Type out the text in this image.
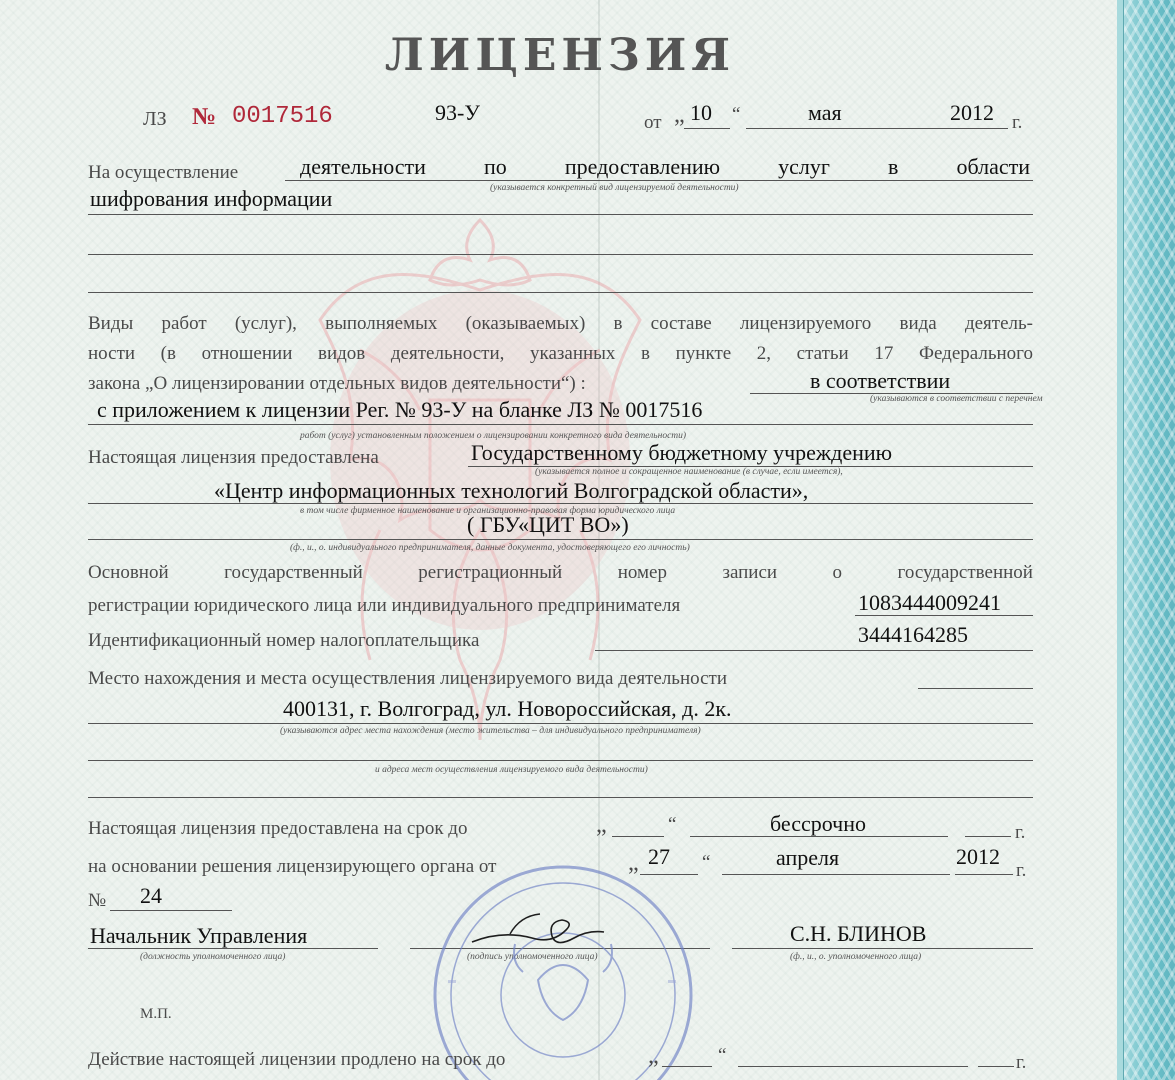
ЛИЦЕНЗИЯ
ЛЗ № 0017516	93-У	от „ 10 “	мая	2012 г.
На осуществление	деятельности	по	предоставлению	услуг	в	области
(указывается конкретный вид лицензируемой деятельности)
шифрования информации
Виды работ (услуг), выполняемых (оказываемых) в составе лицензируемого вида деятель-
ности (в отношении видов деятельности, указанных в пункте 2, статьи 17 Федерального
закона „О лицензировании отдельных видов деятельности“) :	в соответствии
(указываются в соответствии с перечнем
с приложением к лицензии Рег. № 93-У на бланке ЛЗ № 0017516
работ (услуг) установленным положением о лицензировании конкретного вида деятельности)
Настоящая лицензия предоставлена	Государственному бюджетному учреждению
(указывается полное и сокращенное наименование (в случае, если имеется),
«Центр информационных технологий Волгоградской области»,
в том числе фирменное наименование и организационно-правовая форма юридического лица
( ГБУ«ЦИТ ВО»)
(ф., и., о. индивидуального предпринимателя, данные документа, удостоверяющего его личность)
Основной	государственный	регистрационный	номер	записи	о	государственной
регистрации юридического лица или индивидуального предпринимателя	1083444009241
Идентификационный номер налогоплательщика	3444164285
Место нахождения и места осуществления лицензируемого вида деятельности
400131, г. Волгоград, ул. Новороссийская, д. 2к.
(указываются адрес места нахождения (место жительства – для индивидуального предпринимателя)
и адреса мест осуществления лицензируемого вида деятельности)
Настоящая лицензия предоставлена на срок до	„	“	бессрочно	г.
на основании решения лицензирующего органа от	„ 27 “	апреля	2012
г.
№ 24
Начальник Управления
(должность уполномоченного лица)	(подпись уполномоченного лица)
С.Н. БЛИНОВ
(ф., и., о. уполномоченного лица)
М.П.
Действие настоящей лицензии продлено на срок до	„	“	г.
